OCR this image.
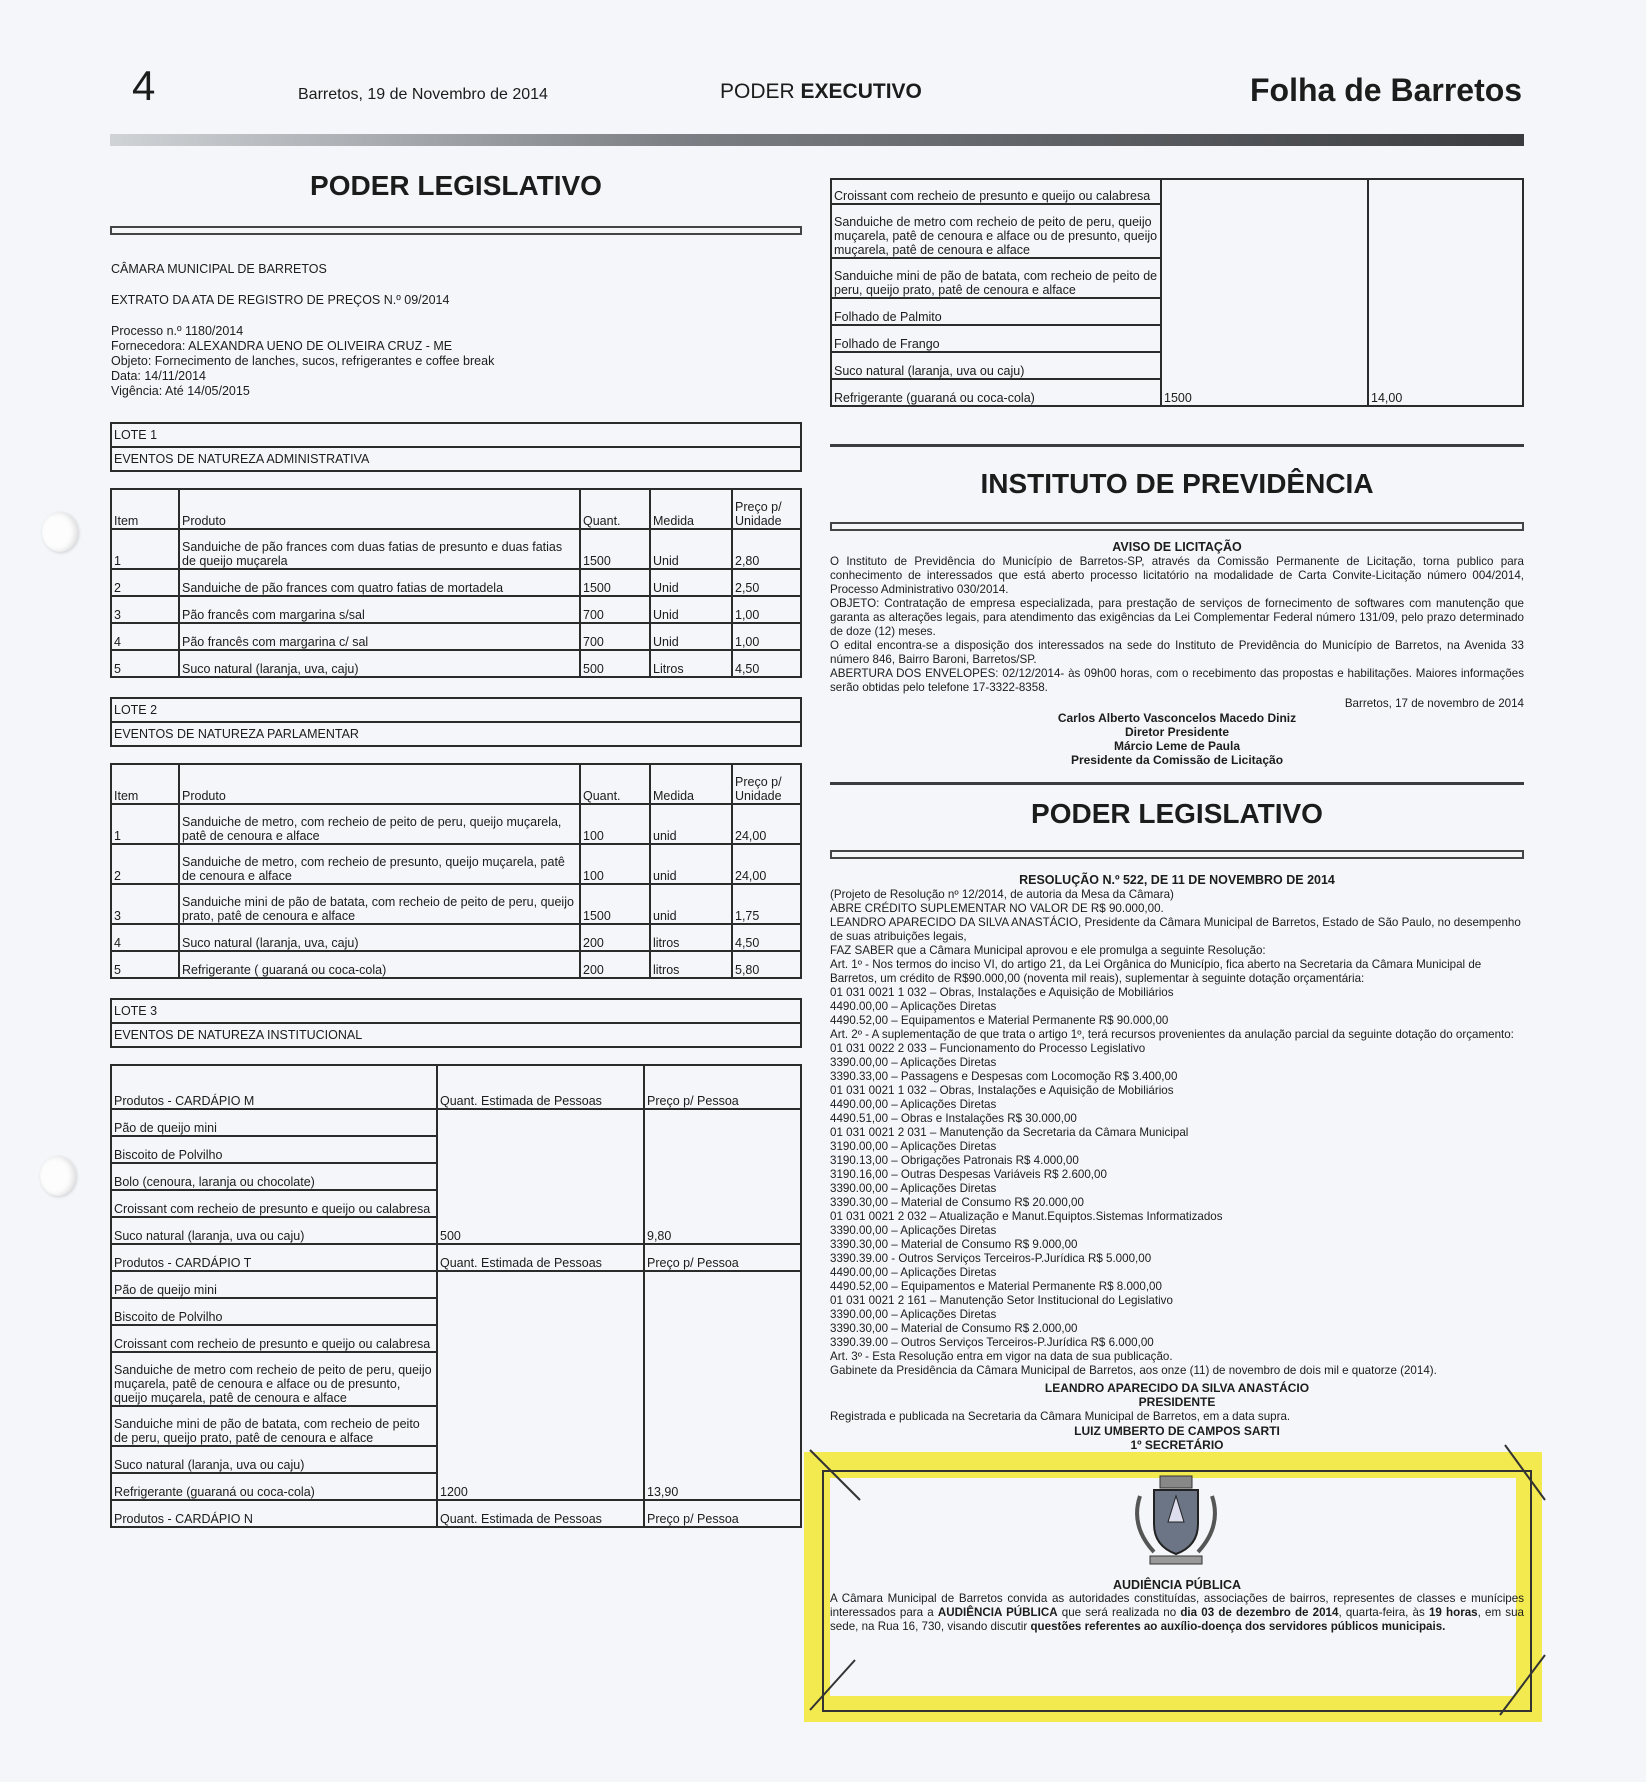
4	Barretos, 19 de Novembro de 2014	PODER EXECUTIVO	Folha de Barretos
PODER LEGISLATIVO
CÂMARA MUNICIPAL DE BARRETOS
EXTRATO DA ATA DE REGISTRO DE PREÇOS N.º 09/2014
Processo n.º 1180/2014
Fornecedora: ALEXANDRA UENO DE OLIVEIRA CRUZ - ME
Objeto: Fornecimento de lanches, sucos, refrigerantes e coffee break
Data: 14/11/2014
Vigência: Até 14/05/2015
LOTE 1
EVENTOS DE NATUREZA ADMINISTRATIVA
Item	Produto	Quant.	Medida	Preço p/ Unidade
1	Sanduiche de pão frances com duas fatias de presunto e duas fatias de queijo muçarela	1500	Unid	2,80
2	Sanduiche de pão frances com quatro fatias de mortadela	1500	Unid	2,50
3	Pão francês com margarina s/sal	700	Unid	1,00
4	Pão francês com margarina c/ sal	700	Unid	1,00
5	Suco natural (laranja, uva, caju)	500	Litros	4,50
LOTE 2
EVENTOS DE NATUREZA PARLAMENTAR
Item	Produto	Quant.	Medida	Preço p/ Unidade
1	Sanduiche de metro, com recheio de peito de peru, queijo muçarela, patê de cenoura e alface	100	unid	24,00
2	Sanduiche de metro, com recheio de presunto, queijo muçarela, patê de cenoura e alface	100	unid	24,00
3	Sanduiche mini de pão de batata, com recheio de peito de peru, queijo prato, patê de cenoura e alface	1500	unid	1,75
4	Suco natural (laranja, uva, caju)	200	litros	4,50
5	Refrigerante ( guaraná ou coca-cola)	200	litros	5,80
LOTE 3
EVENTOS DE NATUREZA INSTITUCIONAL
Produtos - CARDÁPIO M	Quant. Estimada de Pessoas	Preço p/ Pessoa
Pão de queijo mini	500	9,80
Biscoito de Polvilho		
Bolo (cenoura, laranja ou chocolate)		
Croissant com recheio de presunto e queijo ou calabresa		
Suco natural (laranja, uva ou caju)		
Produtos - CARDÁPIO T	Quant. Estimada de Pessoas	Preço p/ Pessoa
Pão de queijo mini	1200	13,90
Biscoito de Polvilho		
Croissant com recheio de presunto e queijo ou calabresa		
Sanduiche de metro com recheio de peito de peru, queijo muçarela, patê de cenoura e alface ou de presunto, queijo muçarela, patê de cenoura e alface		
Sanduiche mini de pão de batata, com recheio de peito de peru, queijo prato, patê de cenoura e alface		
Suco natural (laranja, uva ou caju)		
Refrigerante (guaraná ou coca-cola)		
Produtos - CARDÁPIO N	Quant. Estimada de Pessoas	Preço p/ Pessoa
Croissant com recheio de presunto e queijo ou calabresa	1500	14,00
Sanduiche de metro com recheio de peito de peru, queijo muçarela, patê de cenoura e alface ou de presunto, queijo muçarela, patê de cenoura e alface
Sanduiche mini de pão de batata, com recheio de peito de peru, queijo prato, patê de cenoura e alface
Folhado de Palmito
Folhado de Frango
Suco natural (laranja, uva ou caju)
Refrigerante (guaraná ou coca-cola)
INSTITUTO DE PREVIDÊNCIA
AVISO DE LICITAÇÃO
O Instituto de Previdência do Município de Barretos-SP, através da Comissão Permanente de Licitação, torna publico para conhecimento de interessados que está aberto processo licitatório na modalidade de Carta Convite-Licitação número 004/2014, Processo Administrativo 030/2014.
OBJETO: Contratação de empresa especializada, para prestação de serviços de fornecimento de softwares com manutenção que garanta as alterações legais, para atendimento das exigências da Lei Complementar Federal número 131/09, pelo prazo determinado de doze (12) meses.
O edital encontra-se a disposição dos interessados na sede do Instituto de Previdência do Município de Barretos, na Avenida 33 número 846, Bairro Baroni, Barretos/SP.
ABERTURA DOS ENVELOPES: 02/12/2014- às 09h00 horas, com o recebimento das propostas e habilitações. Maiores informações serão obtidas pelo telefone 17-3322-8358.
Barretos, 17 de novembro de 2014
Carlos Alberto Vasconcelos Macedo Diniz
Diretor Presidente
Márcio Leme de Paula
Presidente da Comissão de Licitação
PODER LEGISLATIVO
RESOLUÇÃO N.º 522, DE 11 DE NOVEMBRO DE 2014
(Projeto de Resolução nº 12/2014, de autoria da Mesa da Câmara)
ABRE CRÉDITO SUPLEMENTAR NO VALOR DE R$ 90.000,00.
LEANDRO APARECIDO DA SILVA ANASTÁCIO, Presidente da Câmara Municipal de Barretos, Estado de São Paulo, no desempenho de suas atribuições legais,
FAZ SABER que a Câmara Municipal aprovou e ele promulga a seguinte Resolução:
Art. 1º - Nos termos do inciso VI, do artigo 21, da Lei Orgânica do Município, fica aberto na Secretaria da Câmara Municipal de Barretos, um crédito de R$90.000,00 (noventa mil reais), suplementar à seguinte dotação orçamentária:
01 031 0021 1 032 – Obras, Instalações e Aquisição de Mobiliários
4490.00,00 – Aplicações Diretas
4490.52,00 – Equipamentos e Material Permanente R$ 90.000,00
Art. 2º - A suplementação de que trata o artigo 1º, terá recursos provenientes da anulação parcial da seguinte dotação do orçamento:
01 031 0022 2 033 – Funcionamento do Processo Legislativo
3390.00,00 – Aplicações Diretas
3390.33,00 – Passagens e Despesas com Locomoção R$ 3.400,00
01 031 0021 1 032 – Obras, Instalações e Aquisição de Mobiliários
4490.00,00 – Aplicações Diretas
4490.51,00 – Obras e Instalações R$ 30.000,00
01 031 0021 2 031 – Manutenção da Secretaria da Câmara Municipal
3190.00,00 – Aplicações Diretas
3190.13,00 – Obrigações Patronais R$ 4.000,00
3190.16,00 – Outras Despesas Variáveis R$ 2.600,00
3390.00,00 – Aplicações Diretas
3390.30,00 – Material de Consumo R$ 20.000,00
01 031 0021 2 032 – Atualização e Manut.Equiptos.Sistemas Informatizados
3390.00,00 – Aplicações Diretas
3390.30,00 – Material de Consumo R$ 9.000,00
3390.39.00 - Outros Serviços Terceiros-P.Jurídica R$ 5.000,00
4490.00,00 – Aplicações Diretas
4490.52,00 – Equipamentos e Material Permanente R$ 8.000,00
01 031 0021 2 161 – Manutenção Setor Institucional do Legislativo
3390.00,00 – Aplicações Diretas
3390.30,00 – Material de Consumo R$ 2.000,00
3390.39.00 – Outros Serviços Terceiros-P.Jurídica R$ 6.000,00
Art. 3º - Esta Resolução entra em vigor na data de sua publicação.
Gabinete da Presidência da Câmara Municipal de Barretos, aos onze (11) de novembro de dois mil e quatorze (2014).
LEANDRO APARECIDO DA SILVA ANASTÁCIO
PRESIDENTE
Registrada e publicada na Secretaria da Câmara Municipal de Barretos, em a data supra.
LUIZ UMBERTO DE CAMPOS SARTI
1º SECRETÁRIO
AUDIÊNCIA PÚBLICA
A Câmara Municipal de Barretos convida as autoridades constituídas, associações de bairros, representes de classes e munícipes interessados para a AUDIÊNCIA PÚBLICA que será realizada no dia 03 de dezembro de 2014, quarta-feira, às 19 horas, em sua sede, na Rua 16, 730, visando discutir questões referentes ao auxílio-doença dos servidores públicos municipais.
